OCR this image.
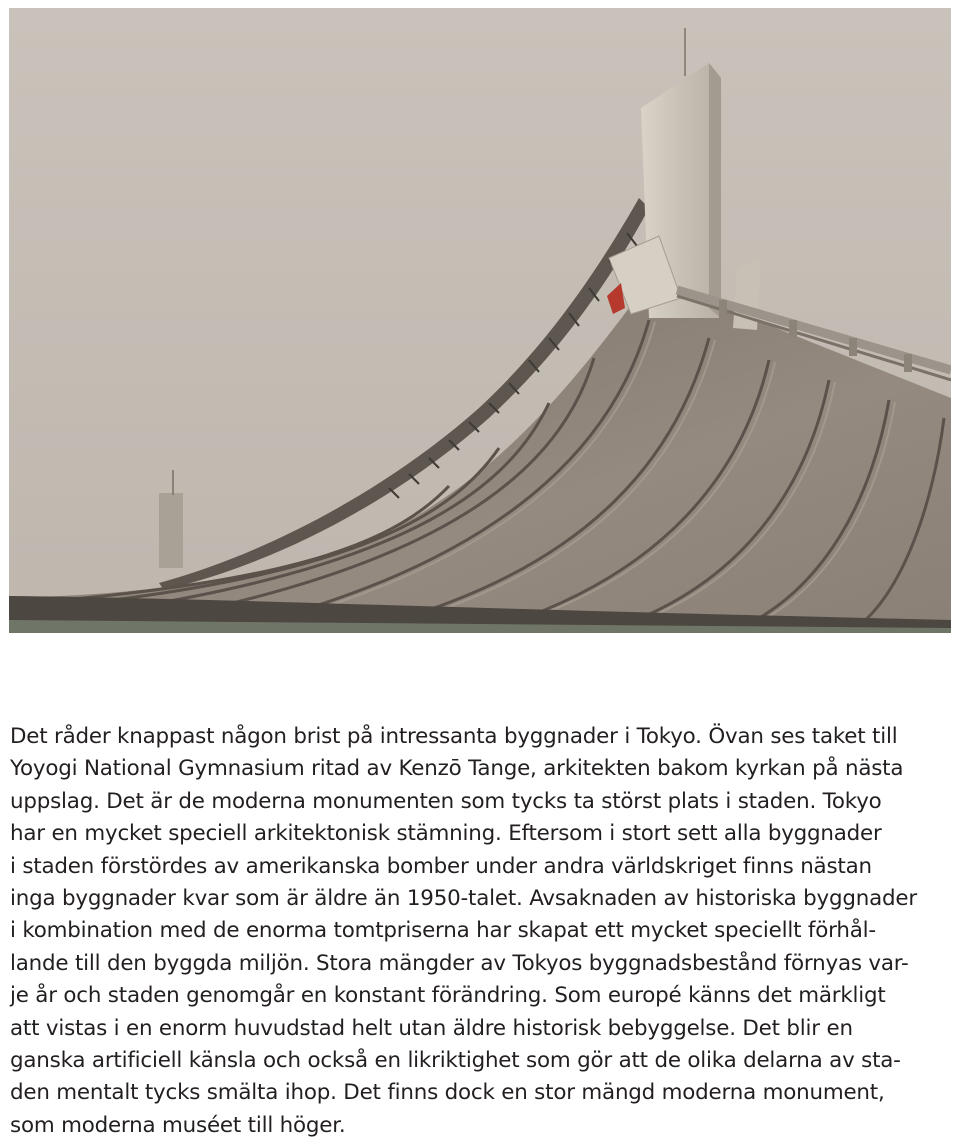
Det råder knappast någon brist på intressanta byggnader i Tokyo. Övan ses taket till
Yoyogi National Gymnasium ritad av Kenzō Tange, arkitekten bakom kyrkan på nästa
uppslag. Det är de moderna monumenten som tycks ta störst plats i staden. Tokyo
har en mycket speciell arkitektonisk stämning. Eftersom i stort sett alla byggnader
i staden förstördes av amerikanska bomber under andra världskriget finns nästan
inga byggnader kvar som är äldre än 1950-talet. Avsaknaden av historiska byggnader
i kombination med de enorma tomtpriserna har skapat ett mycket speciellt förhål-
lande till den byggda miljön. Stora mängder av Tokyos byggnadsbestånd förnyas var-
je år och staden genomgår en konstant förändring. Som europé känns det märkligt
att vistas i en enorm huvudstad helt utan äldre historisk bebyggelse. Det blir en
ganska artificiell känsla och också en likriktighet som gör att de olika delarna av sta-
den mentalt tycks smälta ihop. Det finns dock en stor mängd moderna monument,
som moderna muséet till höger.
